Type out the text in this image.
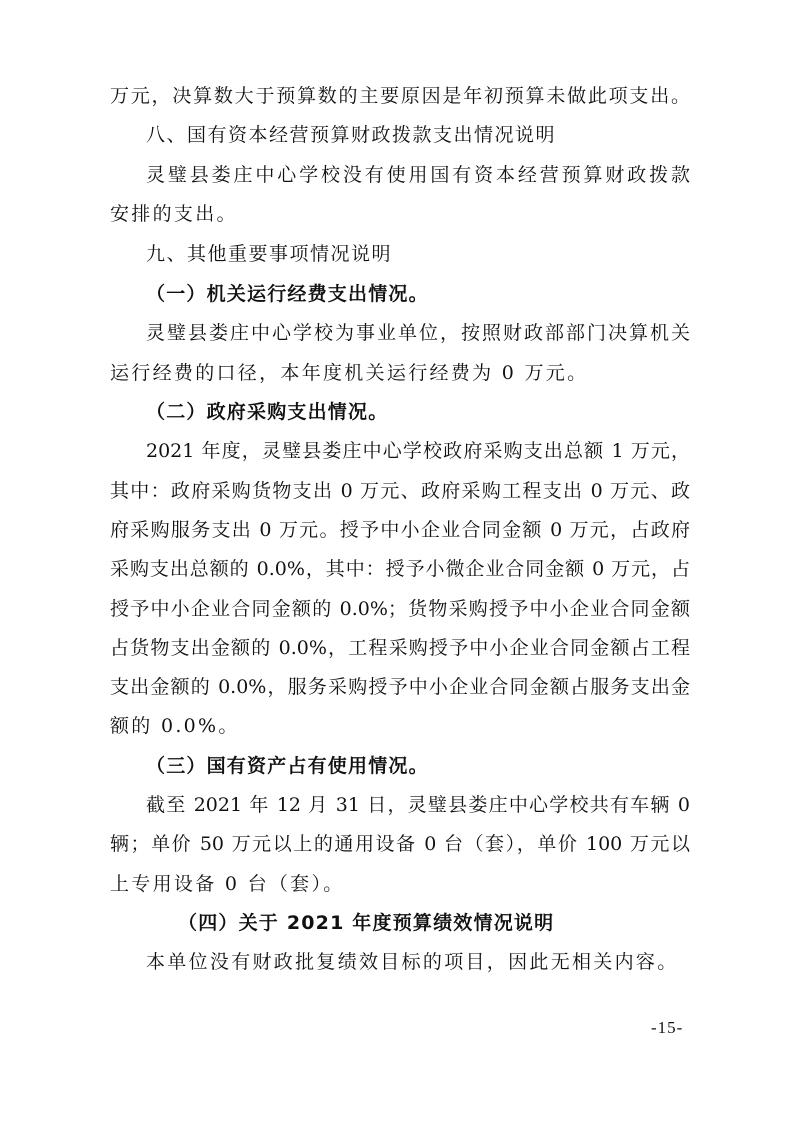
万元，决算数大于预算数的主要原因是年初预算未做此项支出。
八、国有资本经营预算财政拨款支出情况说明
灵璧县娄庄中心学校没有使用国有资本经营预算财政拨款
安排的支出。
九、其他重要事项情况说明
（一）机关运行经费支出情况。
灵璧县娄庄中心学校为事业单位，按照财政部部门决算机关
运行经费的口径，本年度机关运行经费为 0 万元。
（二）政府采购支出情况。
2021 年度，灵璧县娄庄中心学校政府采购支出总额 1 万元，
其中：政府采购货物支出 0 万元、政府采购工程支出 0 万元、政
府采购服务支出 0 万元。授予中小企业合同金额 0 万元，占政府
采购支出总额的 0.0%，其中：授予小微企业合同金额 0 万元，占
授予中小企业合同金额的 0.0%；货物采购授予中小企业合同金额
占货物支出金额的 0.0%，工程采购授予中小企业合同金额占工程
支出金额的 0.0%，服务采购授予中小企业合同金额占服务支出金
额的 0.0%。
（三）国有资产占有使用情况。
截至 2021 年 12 月 31 日，灵璧县娄庄中心学校共有车辆 0
辆；单价 50 万元以上的通用设备 0 台（套），单价 100 万元以
上专用设备 0 台（套）。
（四）关于 2021 年度预算绩效情况说明
本单位没有财政批复绩效目标的项目，因此无相关内容。
-15-
